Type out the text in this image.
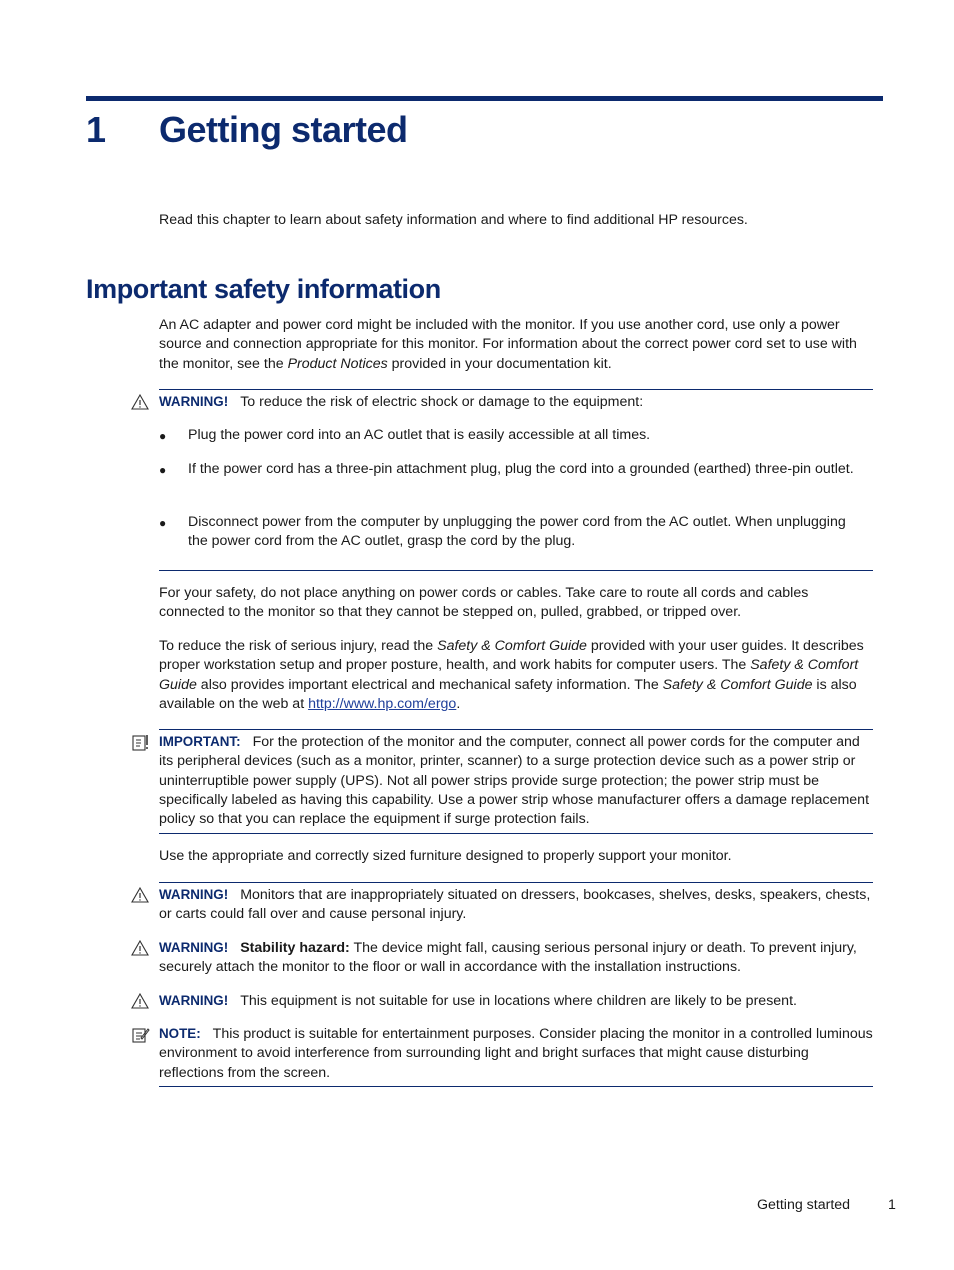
1 Getting started

Read this chapter to learn about safety information and where to find additional HP resources.

Important safety information

An AC adapter and power cord might be included with the monitor. If you use another cord, use only a power source and connection appropriate for this monitor. For information about the correct power cord set to use with the monitor, see the Product Notices provided in your documentation kit.

WARNING! To reduce the risk of electric shock or damage to the equipment:

●	Plug the power cord into an AC outlet that is easily accessible at all times.

●	If the power cord has a three-pin attachment plug, plug the cord into a grounded (earthed) three-pin outlet.

●	Disconnect power from the computer by unplugging the power cord from the AC outlet. When unplugging the power cord from the AC outlet, grasp the cord by the plug.

For your safety, do not place anything on power cords or cables. Take care to route all cords and cables connected to the monitor so that they cannot be stepped on, pulled, grabbed, or tripped over.

To reduce the risk of serious injury, read the Safety & Comfort Guide provided with your user guides. It describes proper workstation setup and proper posture, health, and work habits for computer users. The Safety & Comfort Guide also provides important electrical and mechanical safety information. The Safety & Comfort Guide is also available on the web at http://www.hp.com/ergo.

IMPORTANT: For the protection of the monitor and the computer, connect all power cords for the computer and its peripheral devices (such as a monitor, printer, scanner) to a surge protection device such as a power strip or uninterruptible power supply (UPS). Not all power strips provide surge protection; the power strip must be specifically labeled as having this capability. Use a power strip whose manufacturer offers a damage replacement policy so that you can replace the equipment if surge protection fails.

Use the appropriate and correctly sized furniture designed to properly support your monitor.

WARNING! Monitors that are inappropriately situated on dressers, bookcases, shelves, desks, speakers, chests, or carts could fall over and cause personal injury.

WARNING! Stability hazard: The device might fall, causing serious personal injury or death. To prevent injury, securely attach the monitor to the floor or wall in accordance with the installation instructions.

WARNING! This equipment is not suitable for use in locations where children are likely to be present.

NOTE: This product is suitable for entertainment purposes. Consider placing the monitor in a controlled luminous environment to avoid interference from surrounding light and bright surfaces that might cause disturbing reflections from the screen.

Getting started	1
